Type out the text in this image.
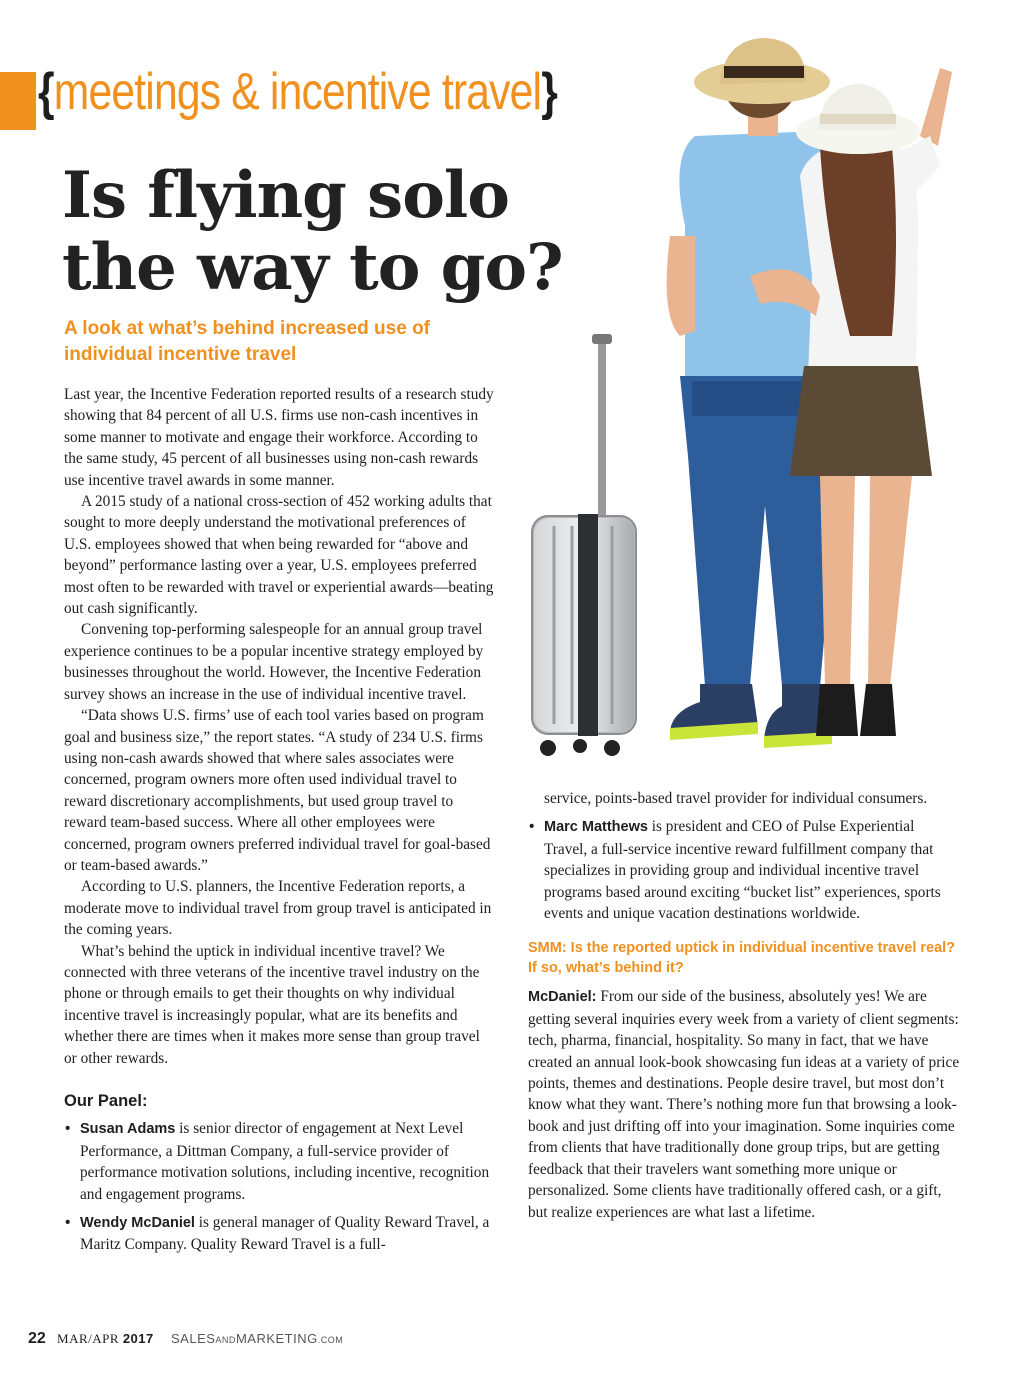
{meetings & incentive travel}
Is flying solo
the way to go?

A look at what’s behind increased use of individual incentive travel

Last year, the Incentive Federation reported results of a research study showing that 84 percent of all U.S. firms use non-cash incentives in some manner to motivate and engage their workforce. According to the same study, 45 percent of all businesses using non-cash rewards use incentive travel awards in some manner.

A 2015 study of a national cross-section of 452 working adults that sought to more deeply understand the motivational preferences of U.S. employees showed that when being rewarded for “above and beyond” performance lasting over a year, U.S. employees preferred most often to be rewarded with travel or experiential awards—beating out cash significantly.

Convening top-performing salespeople for an annual group travel experience continues to be a popular incentive strategy employed by businesses throughout the world. However, the Incentive Federation survey shows an increase in the use of individual incentive travel.

“Data shows U.S. firms’ use of each tool varies based on program goal and business size,” the report states. “A study of 234 U.S. firms using non-cash awards showed that where sales associates were concerned, program owners more often used individual travel to reward discretionary accomplishments, but used group travel to reward team-based success. Where all other employees were concerned, program owners preferred individual travel for goal-based or team-based awards.”

According to U.S. planners, the Incentive Federation reports, a moderate move to individual travel from group travel is anticipated in the coming years.

What’s behind the uptick in individual incentive travel? We connected with three veterans of the incentive travel industry on the phone or through emails to get their thoughts on why individual incentive travel is increasingly popular, what are its benefits and whether there are times when it makes more sense than group travel or other rewards.

Our Panel:
• Susan Adams is senior director of engagement at Next Level Performance, a Dittman Company, a full-service provider of performance motivation solutions, including incentive, recognition and engagement programs.
• Wendy McDaniel is general manager of Quality Reward Travel, a Maritz Company. Quality Reward Travel is a full-

service, points-based travel provider for individual consumers.

• Marc Matthews is president and CEO of Pulse Experiential Travel, a full-service incentive reward fulfillment company that specializes in providing group and individual incentive travel programs based around exciting “bucket list” experiences, sports events and unique vacation destinations worldwide.

SMM: Is the reported uptick in individual incentive travel real? If so, what’s behind it?

McDaniel: From our side of the business, absolutely yes! We are getting several inquiries every week from a variety of client segments: tech, pharma, financial, hospitality. So many in fact, that we have created an annual look-book showcasing fun ideas at a variety of price points, themes and destinations. People desire travel, but most don’t know what they want. There’s nothing more fun that browsing a look-book and just drifting off into your imagination. Some inquiries come from clients that have traditionally done group trips, but are getting feedback that their travelers want something more unique or personalized. Some clients have traditionally offered cash, or a gift, but realize experiences are what last a lifetime.

22 MAR/APR 2017 SALESANDMARKETING.COM
